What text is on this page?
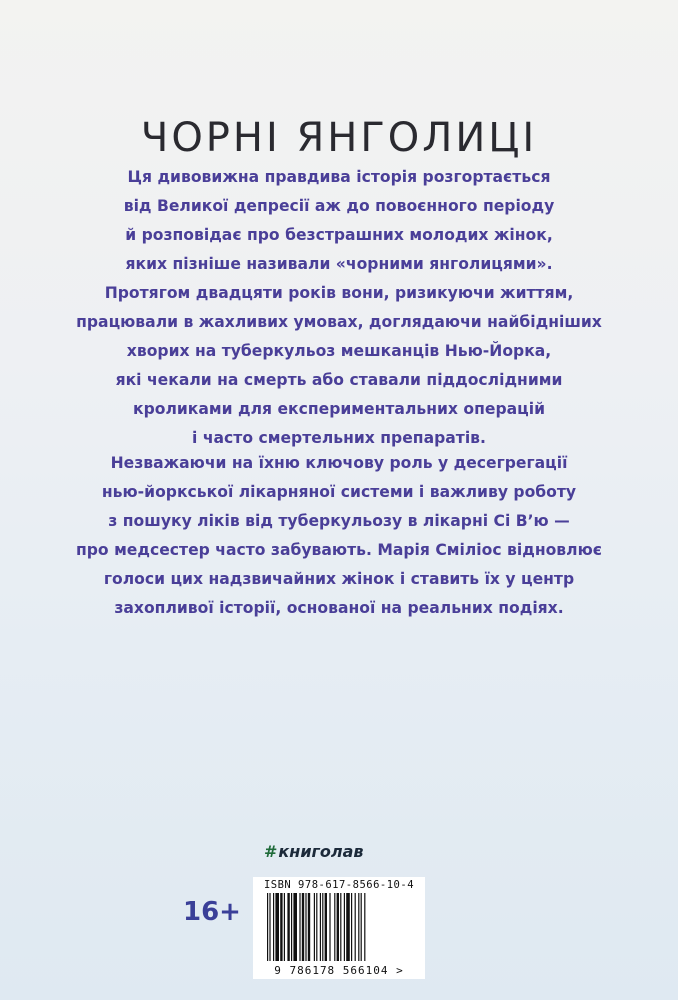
ЧОРНІ ЯНГОЛИЦІ
Ця дивовижна правдива історія розгортається
від Великої депресії аж до повоєнного періоду
й розповідає про безстрашних молодих жінок,
яких пізніше називали «чорними янголицями».
Протягом двадцяти років вони, ризикуючи життям,
працювали в жахливих умовах, доглядаючи найбідніших
хворих на туберкульоз мешканців Нью-Йорка,
які чекали на смерть або ставали піддослідними
кроликами для експериментальних операцій
і часто смертельних препаратів.
Незважаючи на їхню ключову роль у десегрегації
нью-йоркської лікарняної системи і важливу роботу
з пошуку ліків від туберкульозу в лікарні Сі В’ю —
про медсестер часто забувають. Марія Сміліос відновлює
голоси цих надзвичайних жінок і ставить їх у центр
захопливої історії, основаної на реальних подіях.
#книголав
16+
ISBN 978-617-8566-10-4
9 786178 566104 >
